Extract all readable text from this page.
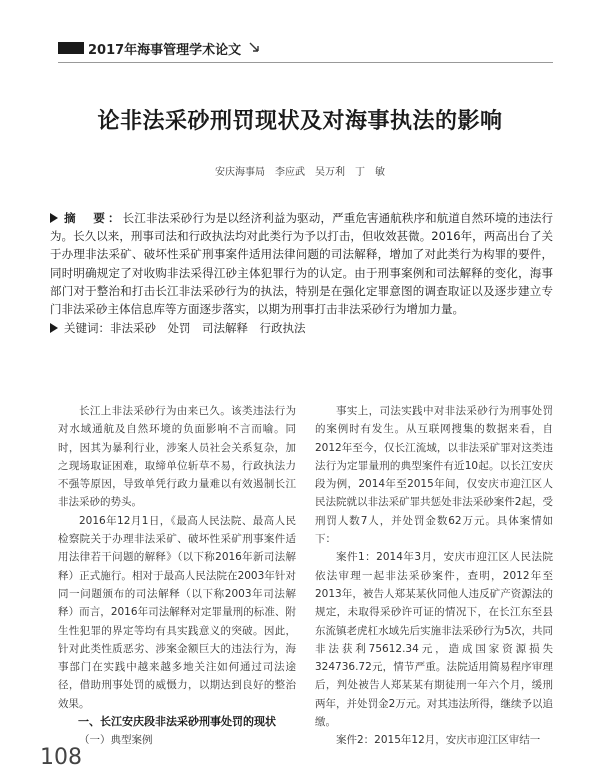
2017年海事管理学术论文
论非法采砂刑罚现状及对海事执法的影响
安庆海事局　李应武　吴万利　丁　敏
摘　要：长江非法采砂行为是以经济利益为驱动，严重危害通航秩序和航道自然环境的违法行为。长久以来，刑事司法和行政执法均对此类行为予以打击，但收效甚微。2016年，两高出台了关于办理非法采矿、破坏性采矿刑事案件适用法律问题的司法解释，增加了对此类行为构罪的要件，同时明确规定了对收购非法采得江砂主体犯罪行为的认定。由于刑事案例和司法解释的变化，海事部门对于整治和打击长江非法采砂行为的执法，特别是在强化定罪意图的调查取证以及逐步建立专门非法采砂主体信息库等方面逐步落实，以期为刑事打击非法采砂行为增加力量。
关键词：非法采砂　处罚　司法解释　行政执法

长江上非法采砂行为由来已久。该类违法行为对水域通航及自然环境的负面影响不言而喻。同时，因其为暴利行业，涉案人员社会关系复杂，加之现场取证困难，取缔单位斩草不易，行政执法力不强等原因，导致单凭行政力量难以有效遏制长江非法采砂的势头。

2016年12月1日，《最高人民法院、最高人民检察院关于办理非法采矿、破坏性采矿刑事案件适用法律若干问题的解释》（以下称2016年新司法解释）正式施行。相对于最高人民法院在2003年针对同一问题颁布的司法解释（以下称2003年司法解释）而言，2016年司法解释对定罪量刑的标准、附生性犯罪的界定等均有具实践意义的突破。因此，针对此类性质恶劣、涉案金额巨大的违法行为，海事部门在实践中越来越多地关注如何通过司法途径，借助刑事处罚的威慑力，以期达到良好的整治效果。

一、长江安庆段非法采砂刑事处罚的现状
（一）典型案例

事实上，司法实践中对非法采砂行为刑事处罚的案例时有发生。从互联网搜集的数据来看，自2012年至今，仅长江流域，以非法采矿罪对这类违法行为定罪量刑的典型案件有近10起。以长江安庆段为例，2014年至2015年间，仅安庆市迎江区人民法院就以非法采矿罪共惩处非法采砂案件2起，受刑罚人数7人，并处罚金数62万元。具体案情如下：

案件1：2014年3月，安庆市迎江区人民法院依法审理一起非法采砂案件，查明，2012年至2013年，被告人郑某某伙同他人违反矿产资源法的规定，未取得采砂许可证的情况下，在长江东至县东流镇老虎杠水域先后实施非法采砂行为5次，共同非法获利75612.34元，造成国家资源损失324736.72元，情节严重。法院适用简易程序审理后，判处被告人郑某某有期徒刑一年六个月，缓刑两年，并处罚金2万元。对其违法所得，继续予以追缴。

案件2：2015年12月，安庆市迎江区审结一

108
